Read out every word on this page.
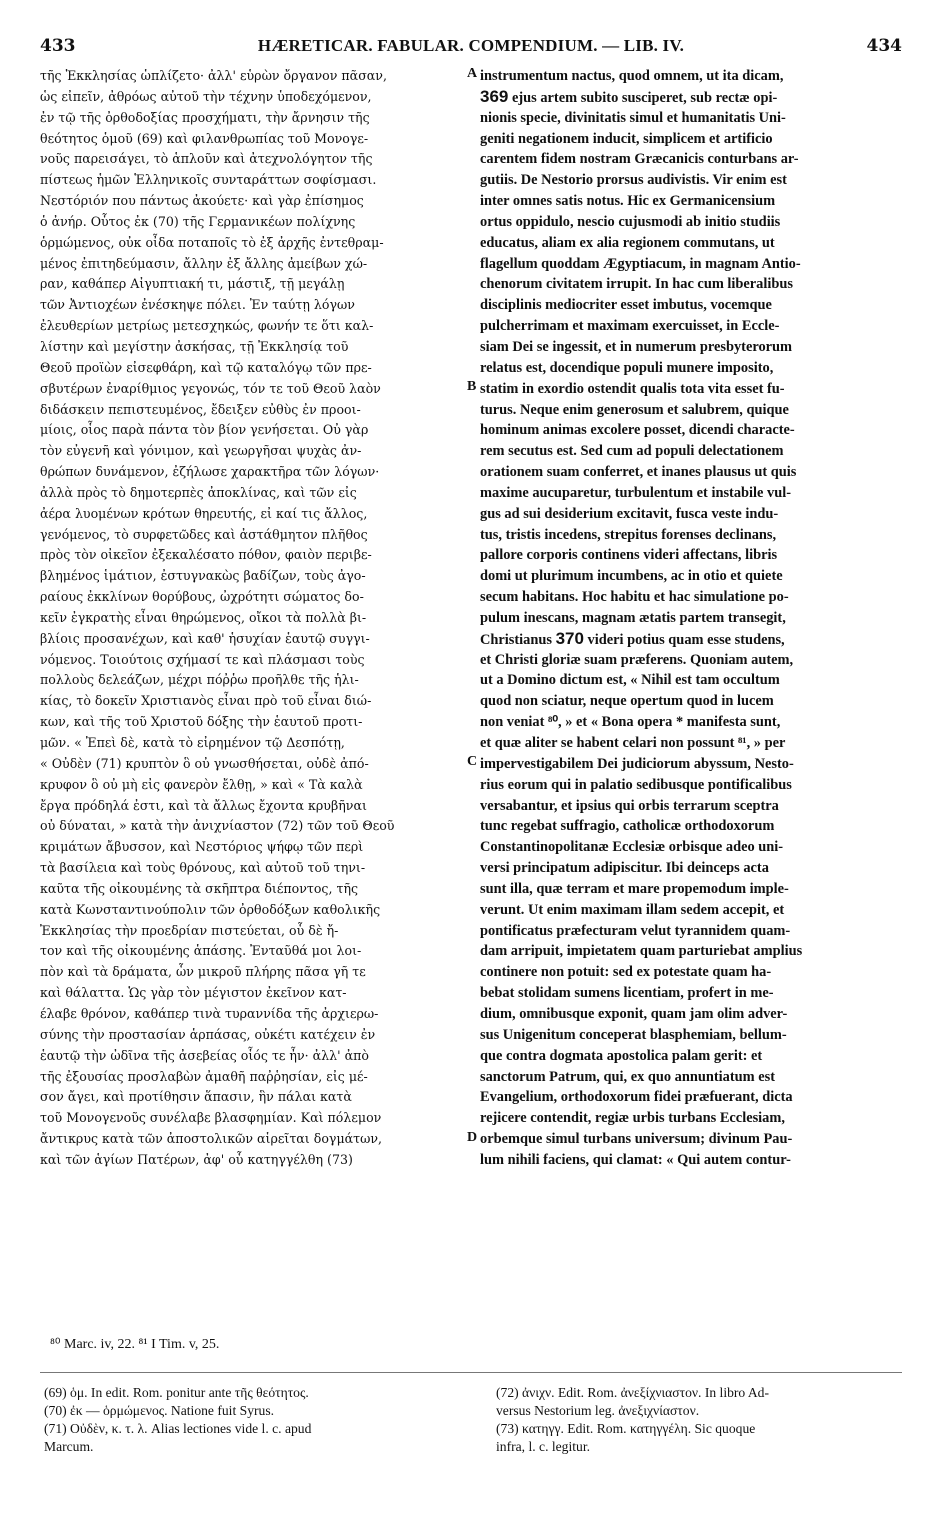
433	HÆRETICAR. FABULAR. COMPENDIUM. — LIB. IV.	434
τῆς Ἐκκλησίας ὡπλίζετο· ἀλλ' εὑρὼν ὄργανον πᾶσαν,
ὡς εἰπεῖν, ἀθρόως αὐτοῦ τὴν τέχνην ὑποδεχόμενον,
ἐν τῷ τῆς ὀρθοδοξίας προσχήματι, τὴν ἄρνησιν τῆς
θεότητος ὁμοῦ (69) καὶ φιλανθρωπίας τοῦ Μονογε-
νοῦς παρεισάγει, τὸ ἁπλοῦν καὶ ἀτεχνολόγητον τῆς
πίστεως ἡμῶν Ἑλληνικοῖς συνταράττων σοφίσμασι.
Νεστόριόν που πάντως ἀκούετε· καὶ γὰρ ἐπίσημος
ὁ ἀνήρ. Οὗτος ἐκ (70) τῆς Γερμανικέων πολίχνης
ὁρμώμενος, οὐκ οἶδα ποταποῖς τὸ ἐξ ἀρχῆς ἐντεθραμ-
μένος ἐπιτηδεύμασιν, ἄλλην ἐξ ἄλλης ἀμείβων χώ-
ραν, καθάπερ Αἰγυπτιακή τι, μάστιξ, τῇ μεγάλῃ
τῶν Ἀντιοχέων ἐνέσκηψε πόλει. Ἐν ταύτῃ λόγων
ἐλευθερίων μετρίως μετεσχηκώς, φωνήν τε ὅτι καλ-
λίστην καὶ μεγίστην ἀσκήσας, τῇ Ἐκκλησίᾳ τοῦ
Θεοῦ προϊὼν εἰσεφθάρη, καὶ τῷ καταλόγῳ τῶν πρε-
σβυτέρων ἐναρίθμιος γεγονώς, τόν τε τοῦ Θεοῦ λαὸν
διδάσκειν πεπιστευμένος, ἔδειξεν εὐθὺς ἐν προοι-
μίοις, οἷος παρὰ πάντα τὸν βίον γενήσεται. Οὐ γὰρ
τὸν εὐγενῆ καὶ γόνιμον, καὶ γεωργῆσαι ψυχὰς ἀν-
θρώπων δυνάμενον, ἐζήλωσε χαρακτῆρα τῶν λόγων·
ἀλλὰ πρὸς τὸ δημοτερπὲς ἀποκλίνας, καὶ τῶν εἰς
ἀέρα λυομένων κρότων θηρευτής, εἰ καί τις ἄλλος,
γενόμενος, τὸ συρφετῶδες καὶ ἀστάθμητον πλῆθος
πρὸς τὸν οἰκεῖον ἐξεκαλέσατο πόθον, φαιὸν περιβε-
βλημένος ἱμάτιον, ἐστυγνακὼς βαδίζων, τοὺς ἀγο-
ραίους ἐκκλίνων θορύβους, ὠχρότητι σώματος δο-
κεῖν ἐγκρατὴς εἶναι θηρώμενος, οἴκοι τὰ πολλὰ βι-
βλίοις προσανέχων, καὶ καθ' ἡσυχίαν ἑαυτῷ συγγι-
νόμενος. Τοιούτοις σχήμασί τε καὶ πλάσμασι τοὺς
πολλοὺς δελεάζων, μέχρι πόῤῥω προῆλθε τῆς ἡλι-
κίας, τὸ δοκεῖν Χριστιανὸς εἶναι πρὸ τοῦ εἶναι διώ-
κων, καὶ τῆς τοῦ Χριστοῦ δόξης τὴν ἑαυτοῦ προτι-
μῶν. « Ἐπεὶ δὲ, κατὰ τὸ εἰρημένον τῷ Δεσπότῃ,
« Οὐδὲν (71) κρυπτὸν ὃ οὐ γνωσθήσεται, οὐδὲ ἀπό-
κρυφον ὃ οὐ μὴ εἰς φανερὸν ἔλθῃ, » καὶ « Τὰ καλὰ
ἔργα πρόδηλά ἐστι, καὶ τὰ ἄλλως ἔχοντα κρυβῆναι
οὐ δύναται, » κατὰ τὴν ἀνιχνίαστον (72) τῶν τοῦ Θεοῦ
κριμάτων ἄβυσσον, καὶ Νεστόριος ψήφῳ τῶν περὶ
τὰ βασίλεια καὶ τοὺς θρόνους, καὶ αὐτοῦ τοῦ τηνι-
καῦτα τῆς οἰκουμένης τὰ σκῆπτρα διέποντος, τῆς
κατὰ Κωνσταντινούπολιν τῶν ὀρθοδόξων καθολικῆς
Ἐκκλησίας τὴν προεδρίαν πιστεύεται, οὗ δὲ ἤ-
τον καὶ τῆς οἰκουμένης ἁπάσης. Ἐνταῦθά μοι λοι-
πὸν καὶ τὰ δράματα, ὧν μικροῦ πλήρης πᾶσα γῆ τε
καὶ θάλαττα. Ὡς γὰρ τὸν μέγιστον ἐκεῖνον κατ-
έλαβε θρόνον, καθάπερ τινὰ τυραννίδα τῆς ἀρχιερω-
σύνης τὴν προστασίαν ἁρπάσας, οὐκέτι κατέχειν ἐν
ἑαυτῷ τὴν ὠδῖνα τῆς ἀσεβείας οἷός τε ἦν· ἀλλ' ἀπὸ
τῆς ἐξουσίας προσλαβὼν ἀμαθῆ παῤῥησίαν, εἰς μέ-
σον ἄγει, καὶ προτίθησιν ἅπασιν, ἣν πάλαι κατὰ
τοῦ Μονογενοῦς συνέλαβε βλασφημίαν. Καὶ πόλεμον
ἄντικρυς κατὰ τῶν ἀποστολικῶν αἱρεῖται δογμάτων,
καὶ τῶν ἁγίων Πατέρων, ἀφ' οὗ κατηγγέλθη (73)
instrumentum nactus, quod omnem, ut ita dicam,
369 ejus artem subito susciperet, sub rectæ opi-
nionis specie, divinitatis simul et humanitatis Uni-
geniti negationem inducit, simplicem et artificio
carentem fidem nostram Græcanicis conturbans ar-
gutiis. De Nestorio prorsus audivistis. Vir enim est
inter omnes satis notus. Hic ex Germanicensium
ortus oppidulo, nescio cujusmodi ab initio studiis
educatus, aliam ex alia regionem commutans, ut
flagellum quoddam Ægyptiacum, in magnam Antio-
chenorum civitatem irrupit. In hac cum liberalibus
disciplinis mediocriter esset imbutus, vocemque
pulcherrimam et maximam exercuisset, in Eccle-
siam Dei se ingessit, et in numerum presbyterorum
relatus est, docendique populi munere imposito,
statim in exordio ostendit qualis tota vita esset fu-
turus. Neque enim generosum et salubrem, quique
hominum animas excolere posset, dicendi characte-
rem secutus est. Sed cum ad populi delectationem
orationem suam conferret, et inanes plausus ut quis
maxime aucuparetur, turbulentum et instabile vul-
gus ad sui desiderium excitavit, fusca veste indu-
tus, tristis incedens, strepitus forenses declinans,
pallore corporis continens videri affectans, libris
domi ut plurimum incumbens, ac in otio et quiete
secum habitans. Hoc habitu et hac simulatione po-
pulum inescans, magnam ætatis partem transegit,
Christianus 370 videri potius quam esse studens,
et Christi gloriæ suam præferens. Quoniam autem,
ut a Domino dictum est, « Nihil est tam occultum
quod non sciatur, neque opertum quod in lucem
non veniat ⁸⁰, » et « Bona opera * manifesta sunt,
et quæ aliter se habent celari non possunt ⁸¹, » per
impervestigabilem Dei judiciorum abyssum, Nesto-
rius eorum qui in palatio sedibusque pontificalibus
versabantur, et ipsius qui orbis terrarum sceptra
tunc regebat suffragio, catholicæ orthodoxorum
Constantinopolitanæ Ecclesiæ orbisque adeo uni-
versi principatum adipiscitur. Ibi deinceps acta
sunt illa, quæ terram et mare propemodum imple-
verunt. Ut enim maximam illam sedem accepit, et
pontificatus præfecturam velut tyrannidem quam-
dam arripuit, impietatem quam parturiebat amplius
continere non potuit: sed ex potestate quam ha-
bebat stolidam sumens licentiam, profert in me-
dium, omnibusque exponit, quam jam olim adver-
sus Unigenitum conceperat blasphemiam, bellum-
que contra dogmata apostolica palam gerit: et
sanctorum Patrum, qui, ex quo annuntiatum est
Evangelium, orthodoxorum fidei præfuerant, dicta
rejicere contendit, regiæ urbis turbans Ecclesiam,
orbemque simul turbans universum; divinum Pau-
lum nihili faciens, qui clamat: « Qui autem contur-
A
B
C
D
⁸⁰ Marc. iv, 22. ⁸¹ I Tim. v, 25.
(69) ὁμ. In edit. Rom. ponitur ante τῆς θεότητος.
(70) ἐκ — ὁρμώμενος. Natione fuit Syrus.
(71) Οὐδὲν, κ. τ. λ. Alias lectiones vide l. c. apud
Marcum.
(72) ἀνιχν. Edit. Rom. ἀνεξίχνιαστον. In libro Ad-
versus Nestorium leg. ἀνεξιχνίαστον.
(73) κατηγγ. Edit. Rom. κατηγγέλη. Sic quoque
infra, l. c. legitur.
